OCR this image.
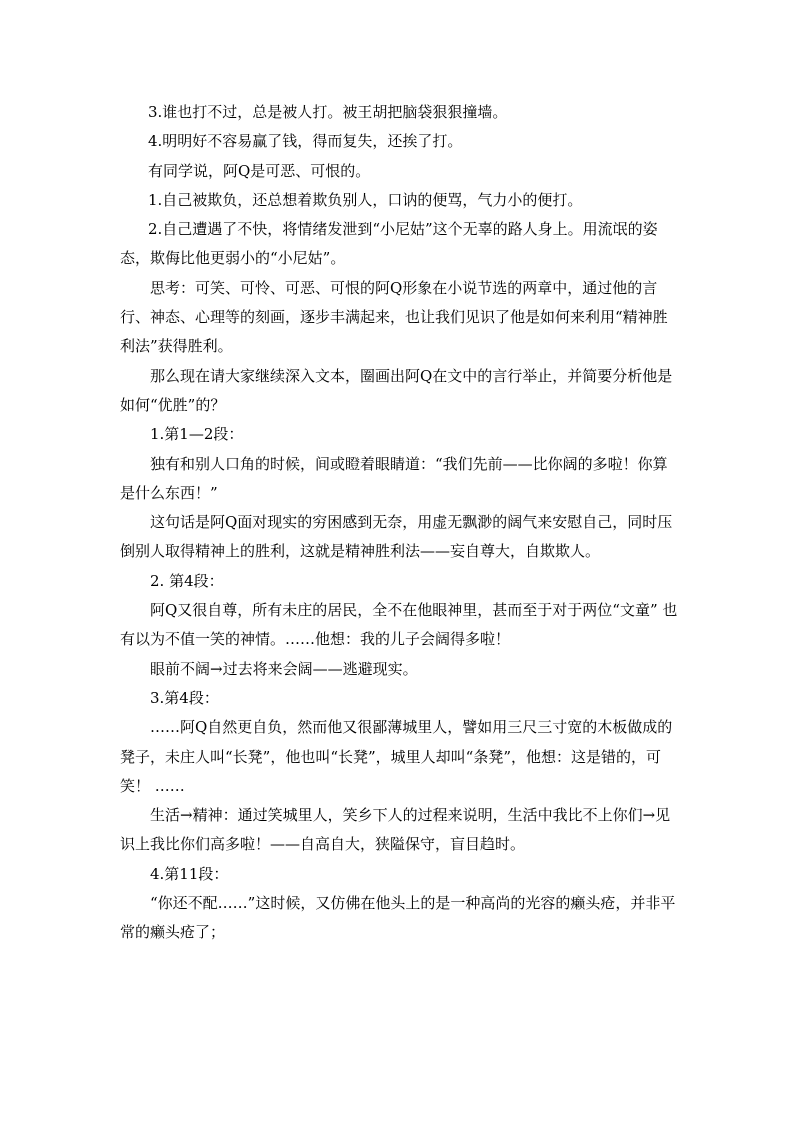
3.谁也打不过，总是被人打。被王胡把脑袋狠狠撞墙。

4.明明好不容易赢了钱，得而复失，还挨了打。

有同学说，阿Q是可恶、可恨的。

1.自己被欺负，还总想着欺负别人，口讷的便骂，气力小的便打。

2.自己遭遇了不快，将情绪发泄到“小尼姑”这个无辜的路人身上。用流氓的姿态，欺侮比他更弱小的“小尼姑”。

思考：可笑、可怜、可恶、可恨的阿Q形象在小说节选的两章中，通过他的言行、神态、心理等的刻画，逐步丰满起来，也让我们见识了他是如何来利用“精神胜利法”获得胜利。

那么现在请大家继续深入文本，圈画出阿Q在文中的言行举止，并简要分析他是如何“优胜”的？

1.第1—2段：

独有和别人口角的时候，间或瞪着眼睛道：“我们先前——比你阔的多啦！你算是什么东西！”

这句话是阿Q面对现实的穷困感到无奈，用虚无飘渺的阔气来安慰自己，同时压倒别人取得精神上的胜利，这就是精神胜利法——妄自尊大，自欺欺人。

2. 第4段：

阿Q又很自尊，所有未庄的居民，全不在他眼神里，甚而至于对于两位“文童” 也有以为不值一笑的神情。……他想：我的儿子会阔得多啦！

眼前不阔→过去将来会阔——逃避现实。

3.第4段：

……阿Q自然更自负，然而他又很鄙薄城里人，譬如用三尺三寸宽的木板做成的凳子，未庄人叫“长凳”，他也叫“长凳”，城里人却叫“条凳”，他想：这是错的，可笑！ ……

生活→精神：通过笑城里人，笑乡下人的过程来说明，生活中我比不上你们→见识上我比你们高多啦！——自高自大，狭隘保守，盲目趋时。

4.第11段：

“你还不配……”这时候，又仿佛在他头上的是一种高尚的光容的癞头疮，并非平常的癞头疮了；
